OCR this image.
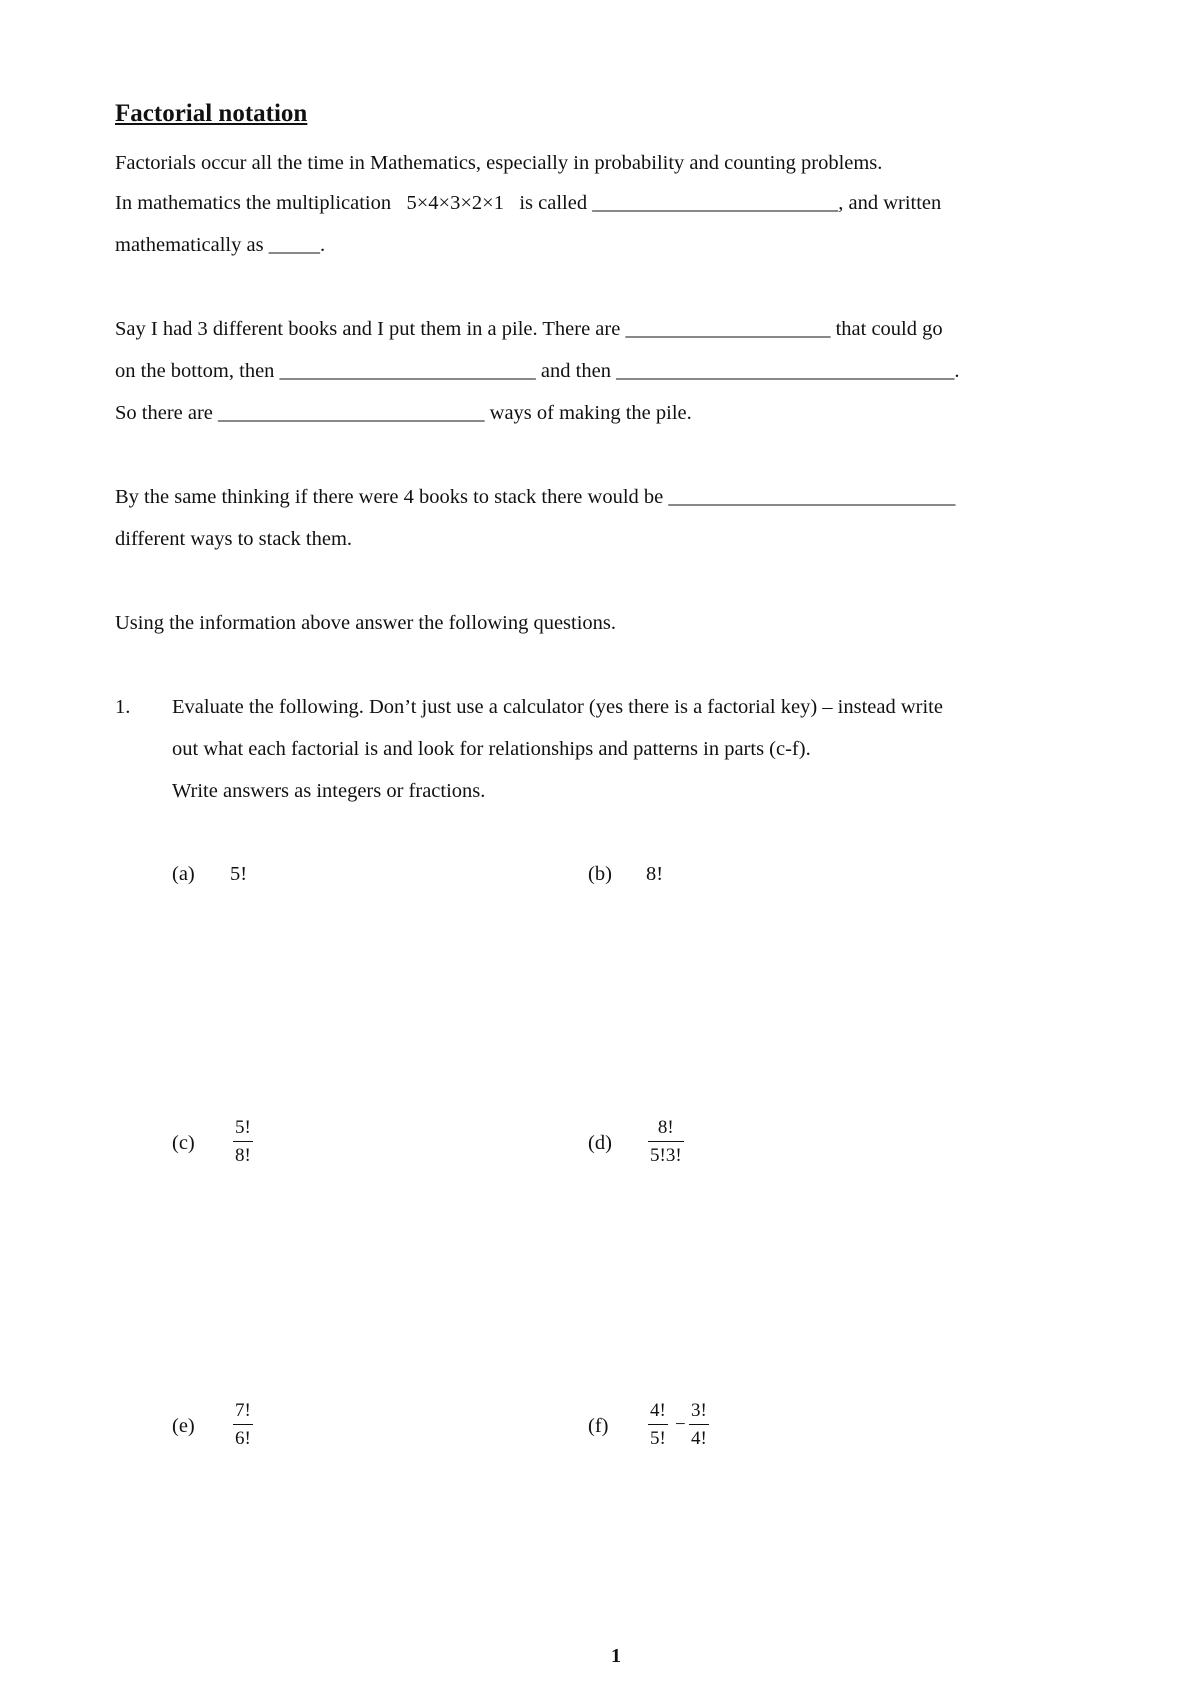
Factorial notation

Factorials occur all the time in Mathematics, especially in probability and counting problems.

In mathematics the multiplication 5×4×3×2×1 is called ________________________, and written

mathematically as _____.

Say I had 3 different books and I put them in a pile. There are ____________________ that could go

on the bottom, then _________________________ and then _________________________________.

So there are __________________________ ways of making the pile.

By the same thinking if there were 4 books to stack there would be ____________________________

different ways to stack them.

Using the information above answer the following questions.

1. Evaluate the following. Don’t just use a calculator (yes there is a factorial key) – instead write
out what each factorial is and look for relationships and patterns in parts (c-f).
Write answers as integers or fractions.
(a) 5!	(b) 8!
$(c) \frac{5!}{8!}$	$(d) \frac{8!}{5!3!}$
$(e) \frac{7!}{6!}$	$(f) \frac{4!}{5!} - \frac{3!}{4!}$
1
